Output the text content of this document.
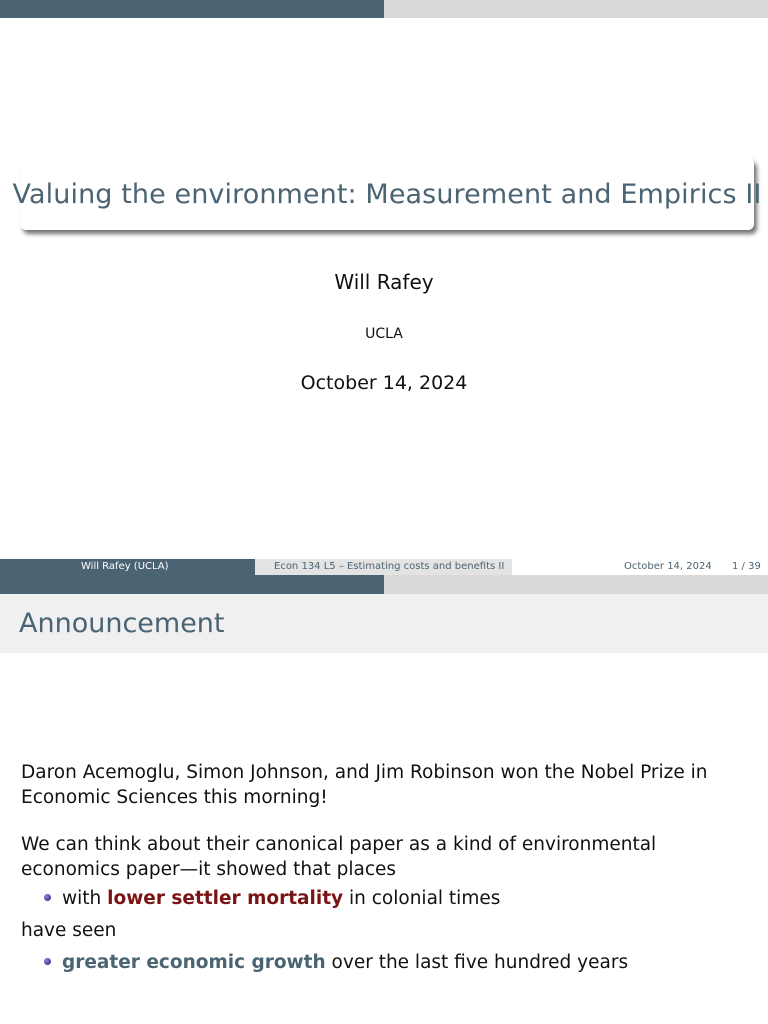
Valuing the environment: Measurement and Empirics II
Will Rafey
UCLA
October 14, 2024
Will Rafey (UCLA)	Econ 134 L5 – Estimating costs and benefits II	October 14, 2024 1 / 39
Announcement
Daron Acemoglu, Simon Johnson, and Jim Robinson won the Nobel Prize in Economic Sciences this morning!
We can think about their canonical paper as a kind of environmental economics paper—it showed that places
with lower settler mortality in colonial times
have seen
greater economic growth over the last five hundred years
